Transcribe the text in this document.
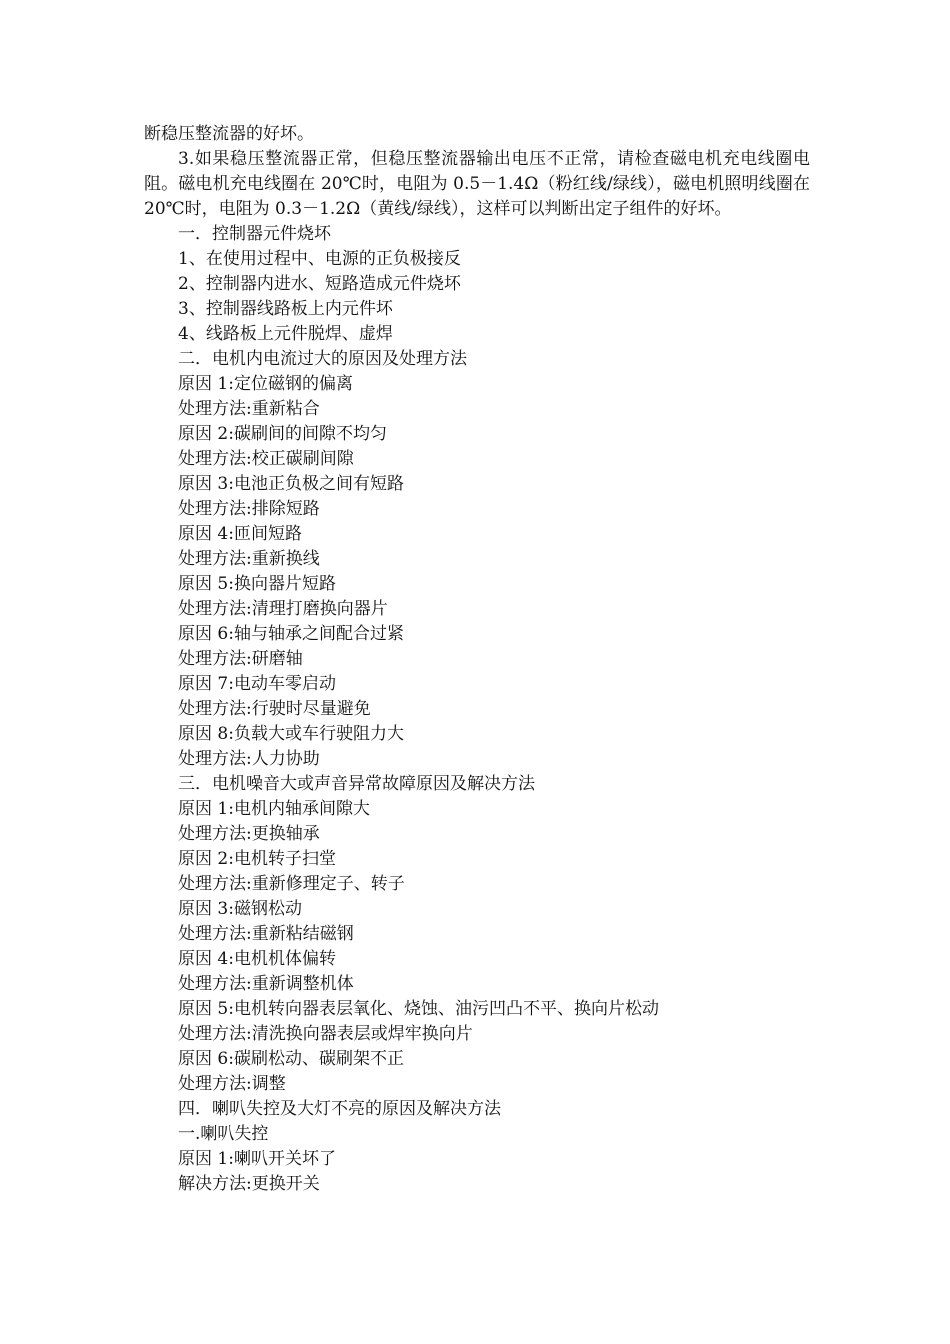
断稳压整流器的好坏。

3.如果稳压整流器正常，但稳压整流器输出电压不正常，请检查磁电机充电线圈电阻。磁电机充电线圈在 20℃时，电阻为 0.5－1.4Ω（粉红线/绿线），磁电机照明线圈在 20℃时，电阻为 0.3－1.2Ω（黄线/绿线），这样可以判断出定子组件的好坏。

一．控制器元件烧坏
1、在使用过程中、电源的正负极接反
2、控制器内进水、短路造成元件烧坏
3、控制器线路板上内元件坏
4、线路板上元件脱焊、虚焊
二．电机内电流过大的原因及处理方法
原因 1:定位磁钢的偏离
处理方法:重新粘合
原因 2:碳刷间的间隙不均匀
处理方法:校正碳刷间隙
原因 3:电池正负极之间有短路
处理方法:排除短路
原因 4:匝间短路
处理方法:重新换线
原因 5:换向器片短路
处理方法:清理打磨换向器片
原因 6:轴与轴承之间配合过紧
处理方法:研磨轴
原因 7:电动车零启动
处理方法:行驶时尽量避免
原因 8:负载大或车行驶阻力大
处理方法:人力协助
三．电机噪音大或声音异常故障原因及解决方法
原因 1:电机内轴承间隙大
处理方法:更换轴承
原因 2:电机转子扫堂
处理方法:重新修理定子、转子
原因 3:磁钢松动
处理方法:重新粘结磁钢
原因 4:电机机体偏转
处理方法:重新调整机体
原因 5:电机转向器表层氧化、烧蚀、油污凹凸不平、换向片松动
处理方法:清洗换向器表层或焊牢换向片
原因 6:碳刷松动、碳刷架不正
处理方法:调整
四．喇叭失控及大灯不亮的原因及解决方法
一.喇叭失控
原因 1:喇叭开关坏了
解决方法:更换开关
